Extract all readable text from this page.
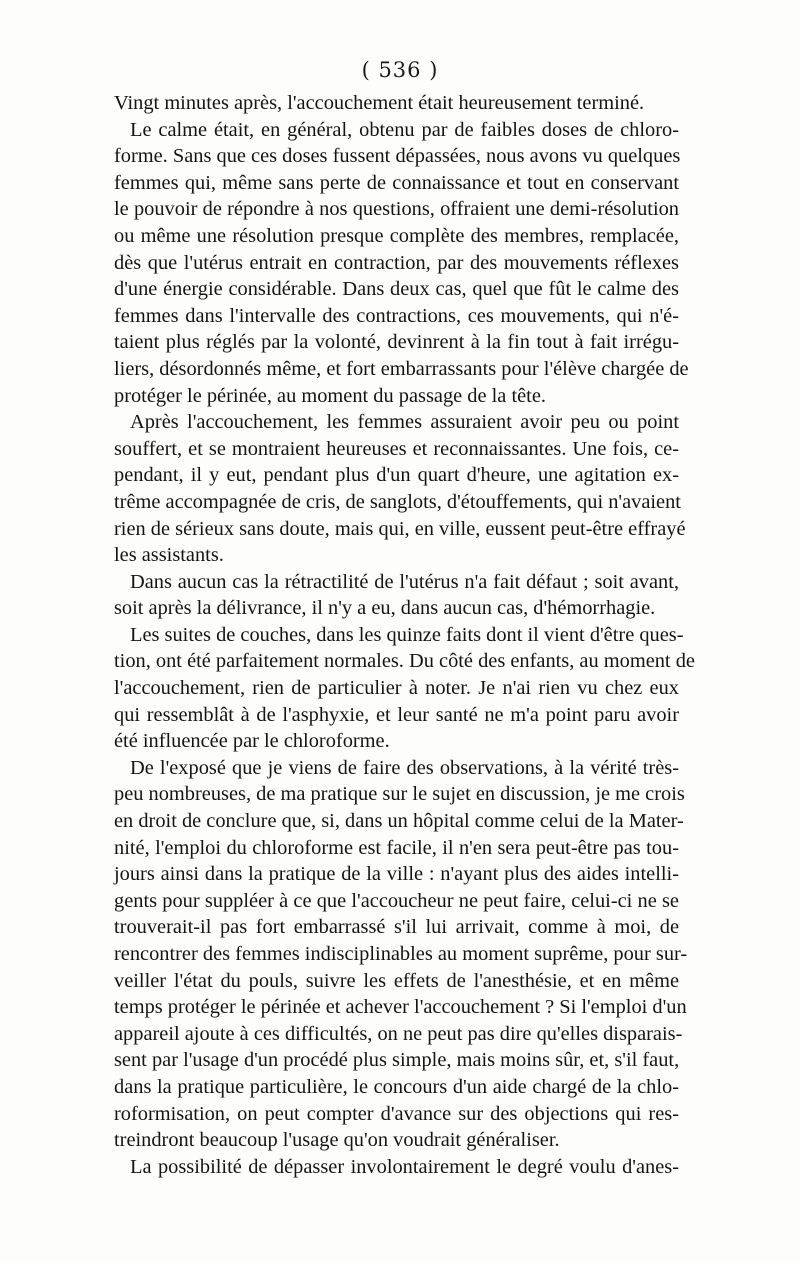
( 536 )
Vingt minutes après, l'accouchement était heureusement terminé.
Le calme était, en général, obtenu par de faibles doses de chloro-
forme. Sans que ces doses fussent dépassées, nous avons vu quelques
femmes qui, même sans perte de connaissance et tout en conservant
le pouvoir de répondre à nos questions, offraient une demi-résolution
ou même une résolution presque complète des membres, remplacée,
dès que l'utérus entrait en contraction, par des mouvements réflexes
d'une énergie considérable. Dans deux cas, quel que fût le calme des
femmes dans l'intervalle des contractions, ces mouvements, qui n'é-
taient plus réglés par la volonté, devinrent à la fin tout à fait irrégu-
liers, désordonnés même, et fort embarrassants pour l'élève chargée de
protéger le périnée, au moment du passage de la tête.
Après l'accouchement, les femmes assuraient avoir peu ou point
souffert, et se montraient heureuses et reconnaissantes. Une fois, ce-
pendant, il y eut, pendant plus d'un quart d'heure, une agitation ex-
trême accompagnée de cris, de sanglots, d'étouffements, qui n'avaient
rien de sérieux sans doute, mais qui, en ville, eussent peut-être effrayé
les assistants.
Dans aucun cas la rétractilité de l'utérus n'a fait défaut ; soit avant,
soit après la délivrance, il n'y a eu, dans aucun cas, d'hémorrhagie.
Les suites de couches, dans les quinze faits dont il vient d'être ques-
tion, ont été parfaitement normales. Du côté des enfants, au moment de
l'accouchement, rien de particulier à noter. Je n'ai rien vu chez eux
qui ressemblât à de l'asphyxie, et leur santé ne m'a point paru avoir
été influencée par le chloroforme.
De l'exposé que je viens de faire des observations, à la vérité très-
peu nombreuses, de ma pratique sur le sujet en discussion, je me crois
en droit de conclure que, si, dans un hôpital comme celui de la Mater-
nité, l'emploi du chloroforme est facile, il n'en sera peut-être pas tou-
jours ainsi dans la pratique de la ville : n'ayant plus des aides intelli-
gents pour suppléer à ce que l'accoucheur ne peut faire, celui-ci ne se
trouverait-il pas fort embarrassé s'il lui arrivait, comme à moi, de
rencontrer des femmes indisciplinables au moment suprême, pour sur-
veiller l'état du pouls, suivre les effets de l'anesthésie, et en même
temps protéger le périnée et achever l'accouchement ? Si l'emploi d'un
appareil ajoute à ces difficultés, on ne peut pas dire qu'elles disparais-
sent par l'usage d'un procédé plus simple, mais moins sûr, et, s'il faut,
dans la pratique particulière, le concours d'un aide chargé de la chlo-
roformisation, on peut compter d'avance sur des objections qui res-
treindront beaucoup l'usage qu'on voudrait généraliser.
La possibilité de dépasser involontairement le degré voulu d'anes-
